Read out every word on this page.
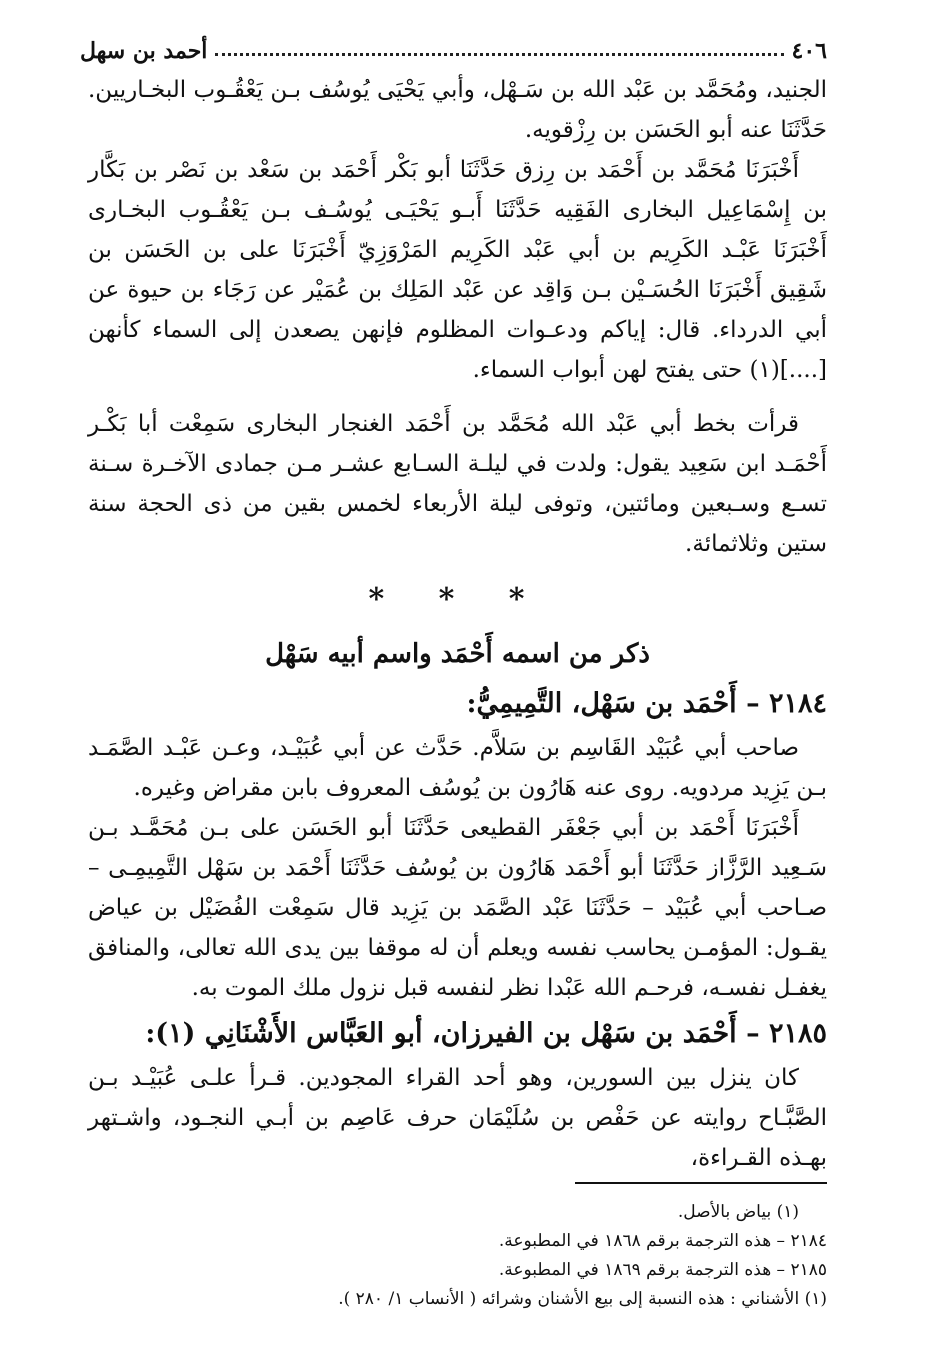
٤٠٦
أحمد بن سهل

الجنيد، ومُحَمَّد بن عَبْد الله بن سَـهْل، وأبي يَحْيَى يُوسُف بـن يَعْقُـوب البخـاريين. حَدَّثَنَا عنه أبو الحَسَن بن رِزْقويه.

أَخْبَرَنَا مُحَمَّد بن أَحْمَد بن رِزق حَدَّثَنَا أبو بَكْر أَحْمَد بن سَعْد بن نَصْر بن بَكَّار بن إِسْمَاعِيل البخارى الفَقِيه حَدَّثَنَا أَبـو يَحْيَـى يُوسُـف بـن يَعْقُـوب البخـارى أَخْبَرَنَا عَبْـد الكَرِيم بن أبي عَبْد الكَرِيم المَرْوَزِيّ أَخْبَرَنَا على بن الحَسَن بن شَقِيق أَخْبَرَنَا الحُسَـيْن بـن وَاقِد عن عَبْد المَلِك بن عُمَيْر عن رَجَاء بن حيوة عن أبي الدرداء. قال: إياكم ودعـوات المظلوم فإنهن يصعدن إلى السماء كأنهن [....](١) حتى يفتح لهن أبواب السماء.

قرأت بخط أبي عَبْد الله مُحَمَّد بن أَحْمَد الغنجار البخارى سَمِعْت أبا بَكْـر أَحْمَـد ابن سَعِيد يقول: ولدت في ليلـة السـابع عشـر مـن جمادى الآخـرة سـنة تسـع وسـبعين ومائتين، وتوفى ليلة الأربعاء لخمس بقين من ذى الحجة سنة ستين وثلاثمائة.

* * *
ذكر من اسمه أَحْمَد واسم أبيه سَهْل
٢١٨٤ – أَحْمَد بن سَهْل، التَّمِيمِيُّ:

صاحب أبي عُبَيْد القَاسِم بن سَلاَّم. حَدَّث عن أبي عُبَيْـد، وعـن عَبْـد الصَّمَـد بـن يَزِيد مردويه. روى عنه هَارُون بن يُوسُف المعروف بابن مقراض وغيره.

أَخْبَرَنَا أَحْمَد بن أبي جَعْفَر القطيعى حَدَّثَنَا أبو الحَسَن على بـن مُحَمَّـد بـن سَـعِيد الرَّزَّاز حَدَّثَنَا أبو أَحْمَد هَارُون بن يُوسُف حَدَّثَنَا أَحْمَد بن سَهْل التَّمِيمِـى – صـاحب أبي عُبَيْد – حَدَّثَنَا عَبْد الصَّمَد بن يَزِيد قال سَمِعْت الفُضَيْل بن عياض يقـول: المؤمـن يحاسب نفسه ويعلم أن له موقفا بين يدى الله تعالى، والمنافق يغفـل نفسـه، فرحـم الله عَبْدا نظر لنفسه قبل نزول ملك الموت به.

٢١٨٥ – أَحْمَد بن سَهْل بن الفيرزان، أبو العَبَّاس الأَشْنَانِي (١):

كان ينزل بين السورين، وهو أحد القراء المجودين. قـرأ علـى عُبَيْـد بـن الصَّبَّـاح روايته عن حَفْص بن سُلَيْمَان حرف عَاصِم بن أبـي النجـود، واشـتهر بهـذه القـراءة،

(١) بياض بالأصل.
٢١٨٤ – هذه الترجمة برقم ١٨٦٨ في المطبوعة.
٢١٨٥ – هذه الترجمة برقم ١٨٦٩ في المطبوعة.
(١) الأشناني : هذه النسبة إلى بيع الأشنان وشرائه ( الأنساب ١/ ٢٨٠ ).
